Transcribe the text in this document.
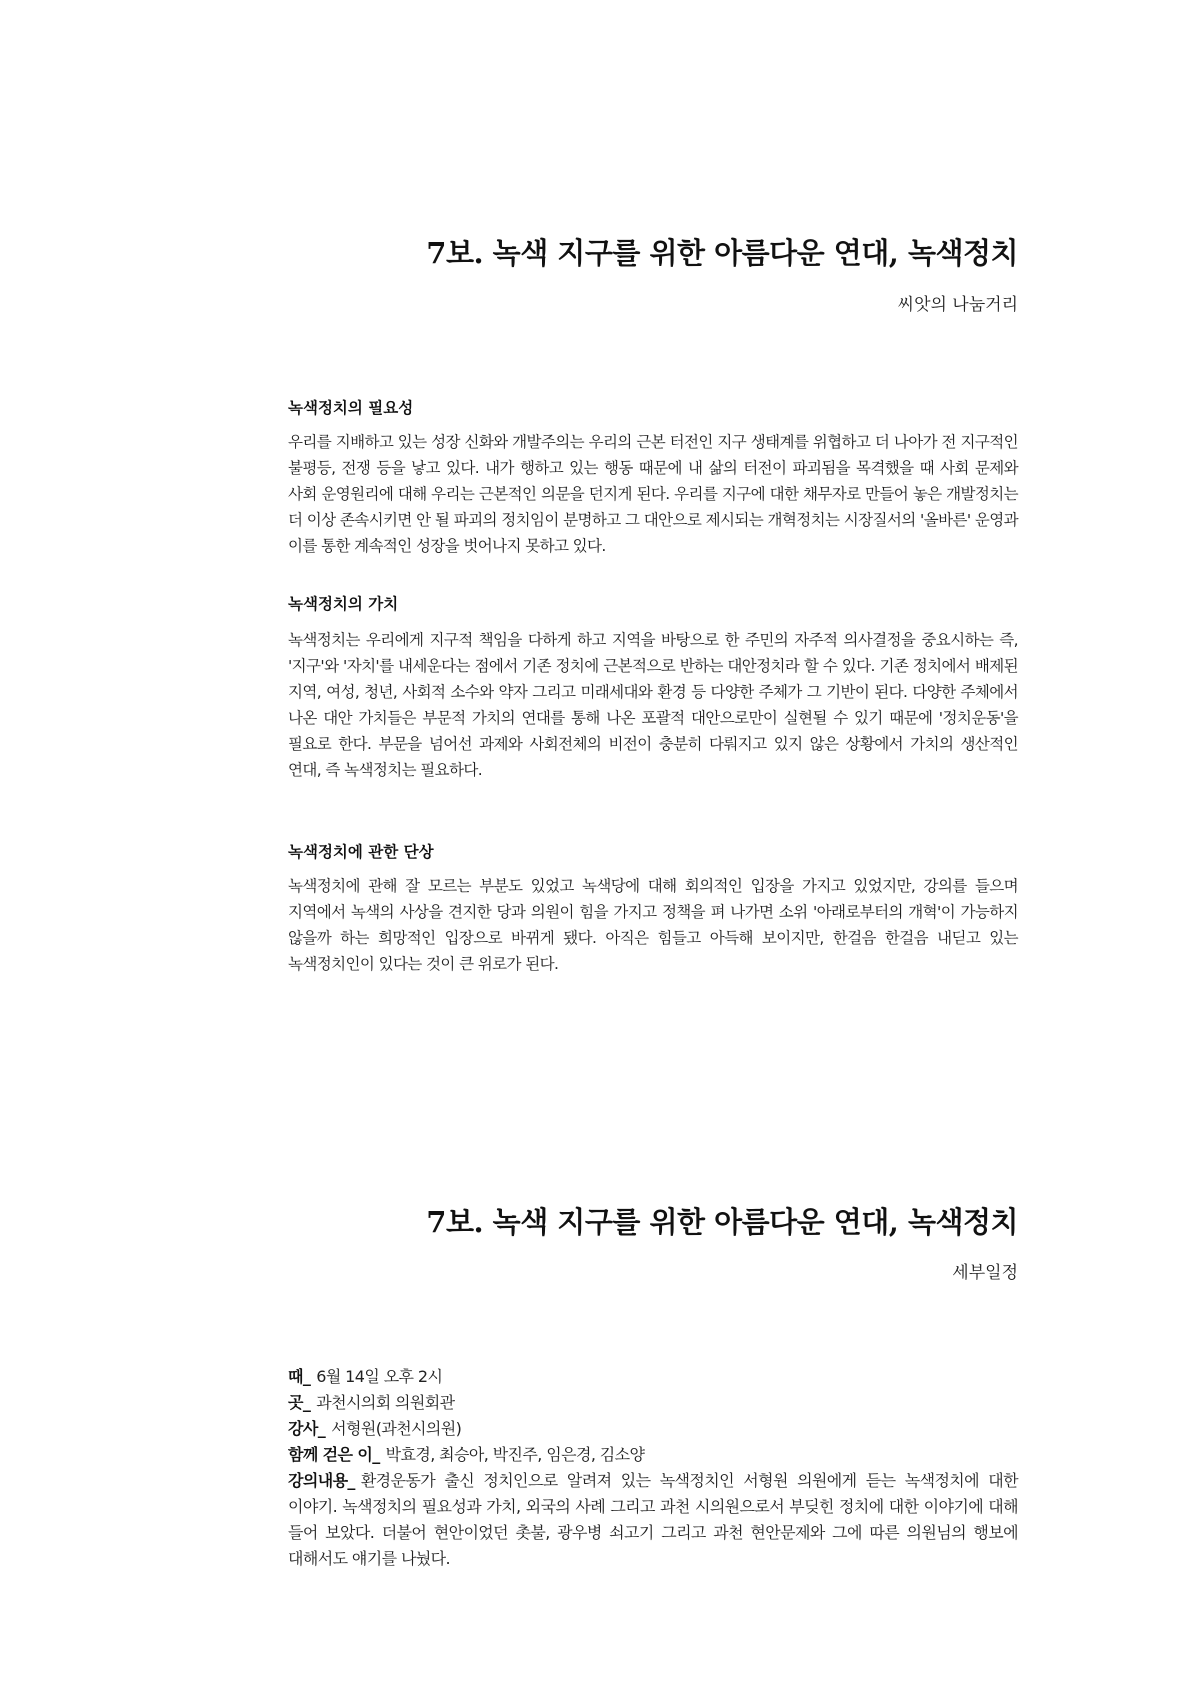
7보. 녹색 지구를 위한 아름다운 연대, 녹색정치
씨앗의 나눔거리

녹색정치의 필요성

우리를 지배하고 있는 성장 신화와 개발주의는 우리의 근본 터전인 지구 생태계를 위협하고 더 나아가 전 지구적인 불평등, 전쟁 등을 낳고 있다. 내가 행하고 있는 행동 때문에 내 삶의 터전이 파괴됨을 목격했을 때 사회 문제와 사회 운영원리에 대해 우리는 근본적인 의문을 던지게 된다. 우리를 지구에 대한 채무자로 만들어 놓은 개발정치는 더 이상 존속시키면 안 될 파괴의 정치임이 분명하고 그 대안으로 제시되는 개혁정치는 시장질서의 '올바른' 운영과 이를 통한 계속적인 성장을 벗어나지 못하고 있다.

녹색정치의 가치

녹색정치는 우리에게 지구적 책임을 다하게 하고 지역을 바탕으로 한 주민의 자주적 의사결정을 중요시하는 즉, '지구'와 '자치'를 내세운다는 점에서 기존 정치에 근본적으로 반하는 대안정치라 할 수 있다. 기존 정치에서 배제된 지역, 여성, 청년, 사회적 소수와 약자 그리고 미래세대와 환경 등 다양한 주체가 그 기반이 된다. 다양한 주체에서 나온 대안 가치들은 부문적 가치의 연대를 통해 나온 포괄적 대안으로만이 실현될 수 있기 때문에 '정치운동'을 필요로 한다. 부문을 넘어선 과제와 사회전체의 비전이 충분히 다뤄지고 있지 않은 상황에서 가치의 생산적인 연대, 즉 녹색정치는 필요하다.

녹색정치에 관한 단상

녹색정치에 관해 잘 모르는 부분도 있었고 녹색당에 대해 회의적인 입장을 가지고 있었지만, 강의를 들으며 지역에서 녹색의 사상을 견지한 당과 의원이 힘을 가지고 정책을 펴 나가면 소위 '아래로부터의 개혁'이 가능하지 않을까 하는 희망적인 입장으로 바뀌게 됐다. 아직은 힘들고 아득해 보이지만, 한걸음 한걸음 내딛고 있는 녹색정치인이 있다는 것이 큰 위로가 된다.

7보. 녹색 지구를 위한 아름다운 연대, 녹색정치
세부일정

때_ 6월 14일 오후 2시

곳_ 과천시의회 의원회관

강사_ 서형원(과천시의원)

함께 걷은 이_ 박효경, 최승아, 박진주, 임은경, 김소양

강의내용_ 환경운동가 출신 정치인으로 알려져 있는 녹색정치인 서형원 의원에게 듣는 녹색정치에 대한 이야기. 녹색정치의 필요성과 가치, 외국의 사례 그리고 과천 시의원으로서 부딪힌 정치에 대한 이야기에 대해 들어 보았다. 더불어 현안이었던 촛불, 광우병 쇠고기 그리고 과천 현안문제와 그에 따른 의원님의 행보에 대해서도 얘기를 나눴다.
